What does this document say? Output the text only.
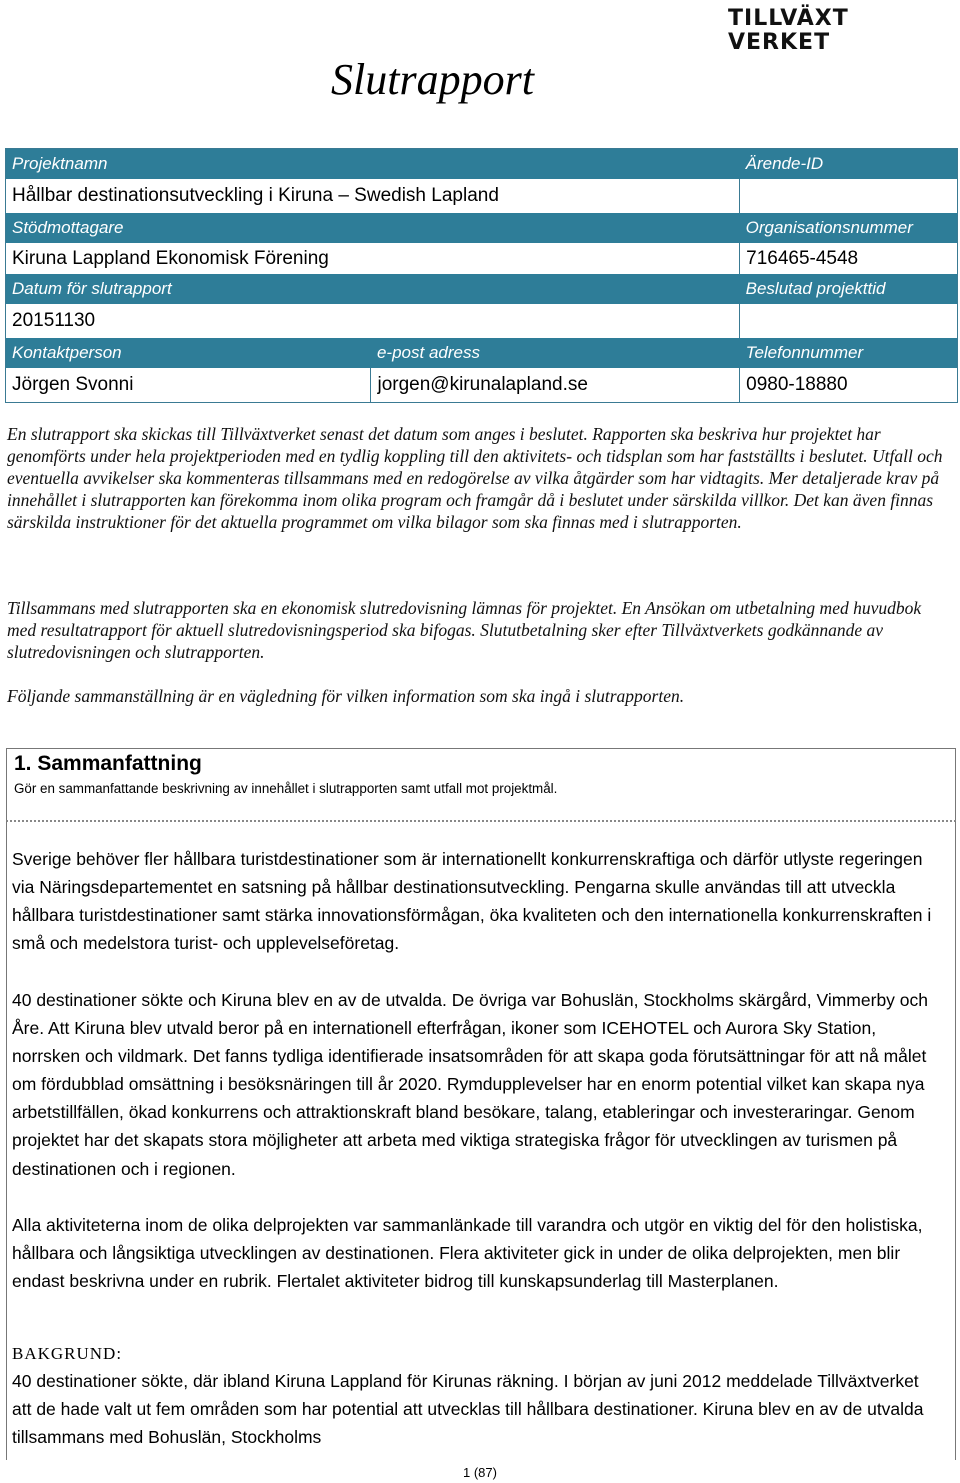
TILLVÄXT
VERKET
Slutrapport
Projektnamn		Ärende-ID
Hållbar destinationsutveckling i Kiruna – Swedish Lapland		
Stödmottagare		Organisationsnummer
Kiruna Lappland Ekonomisk Förening		716465-4548
Datum för slutrapport		Beslutad projekttid
20151130		
Kontaktperson	e-post adress	Telefonnummer
Jörgen Svonni	jorgen@kirunalapland.se	0980-18880

En slutrapport ska skickas till Tillväxtverket senast det datum som anges i beslutet. Rapporten ska beskriva hur projektet har genomförts under hela projektperioden med en tydlig koppling till den aktivitets- och tidsplan som har fastställts i beslutet. Utfall och eventuella avvikelser ska kommenteras tillsammans med en redogörelse av vilka åtgärder som har vidtagits. Mer detaljerade krav på innehållet i slutrapporten kan förekomma inom olika program och framgår då i beslutet under särskilda villkor. Det kan även finnas särskilda instruktioner för det aktuella programmet om vilka bilagor som ska finnas med i slutrapporten.

Tillsammans med slutrapporten ska en ekonomisk slutredovisning lämnas för projektet. En Ansökan om utbetalning med huvudbok med resultatrapport för aktuell slutredovisningsperiod ska bifogas. Slututbetalning sker efter Tillväxtverkets godkännande av slutredovisningen och slutrapporten.

Följande sammanställning är en vägledning för vilken information som ska ingå i slutrapporten.

1. Sammanfattning
Gör en sammanfattande beskrivning av innehållet i slutrapporten samt utfall mot projektmål.

Sverige behöver fler hållbara turistdestinationer som är internationellt konkurrenskraftiga och därför utlyste regeringen via Näringsdepartementet en satsning på hållbar destinationsutveckling. Pengarna skulle användas till att utveckla hållbara turistdestinationer samt stärka innovationsförmågan, öka kvaliteten och den internationella konkurrenskraften i små och medelstora turist- och upplevelseföretag.

40 destinationer sökte och Kiruna blev en av de utvalda. De övriga var Bohuslän, Stockholms skärgård, Vimmerby och Åre. Att Kiruna blev utvald beror på en internationell efterfrågan, ikoner som ICEHOTEL och Aurora Sky Station, norrsken och vildmark. Det fanns tydliga identifierade insatsområden för att skapa goda förutsättningar för att nå målet om fördubblad omsättning i besöksnäringen till år 2020. Rymdupplevelser har en enorm potential vilket kan skapa nya arbetstillfällen, ökad konkurrens och attraktionskraft bland besökare, talang, etableringar och investeraringar. Genom projektet har det skapats stora möjligheter att arbeta med viktiga strategiska frågor för utvecklingen av turismen på destinationen och i regionen.

Alla aktiviteterna inom de olika delprojekten var sammanlänkade till varandra och utgör en viktig del för den holistiska, hållbara och långsiktiga utvecklingen av destinationen. Flera aktiviteter gick in under de olika delprojekten, men blir endast beskrivna under en rubrik. Flertalet aktiviteter bidrog till kunskapsunderlag till Masterplanen.

BAKGRUND:

40 destinationer sökte, där ibland Kiruna Lappland för Kirunas räkning. I början av juni 2012 meddelade Tillväxtverket att de hade valt ut fem områden som har potential att utvecklas till hållbara destinationer. Kiruna blev en av de utvalda tillsammans med Bohuslän, Stockholms

1 (87)
